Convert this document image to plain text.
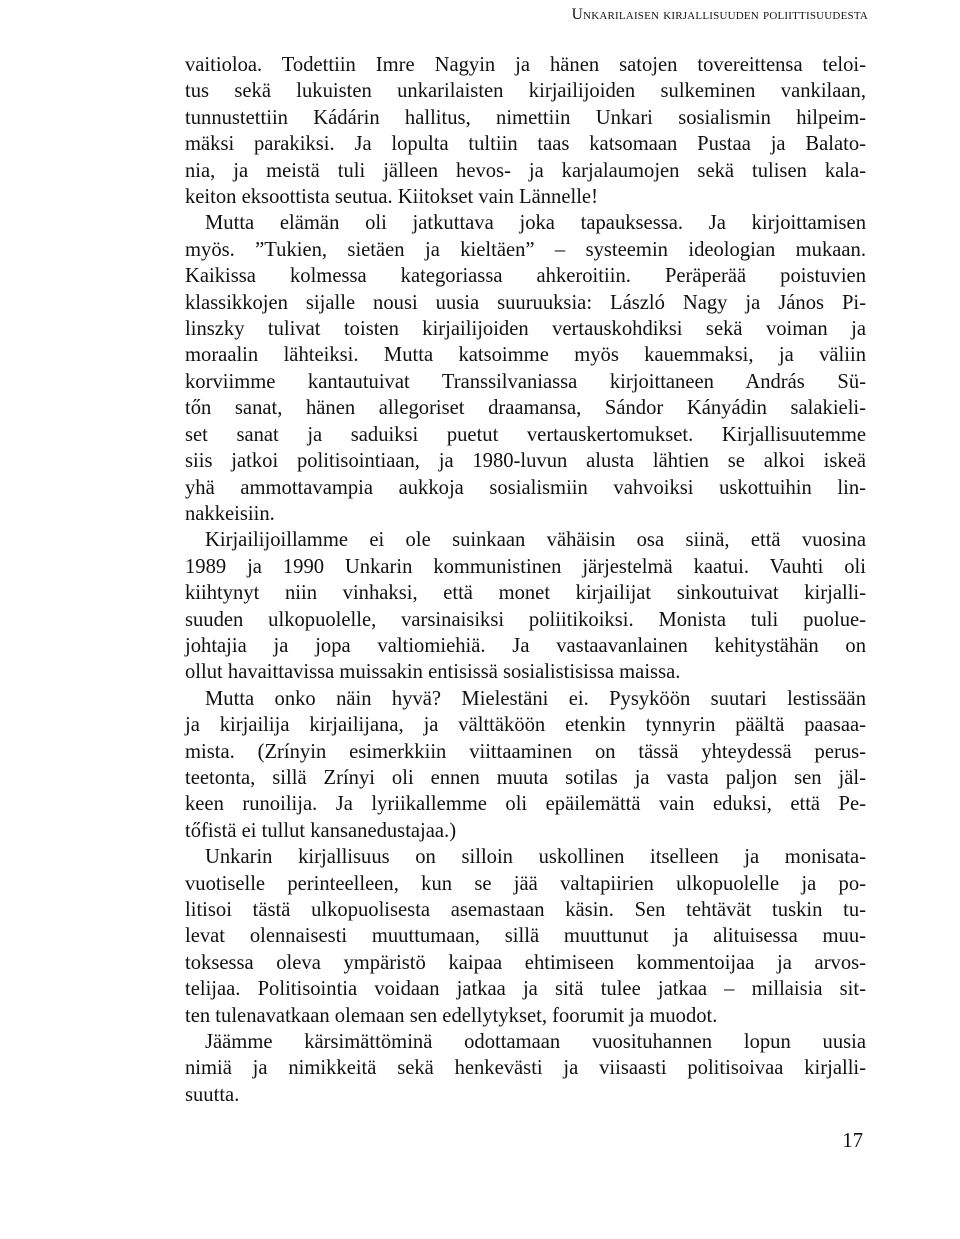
Unkarilaisen kirjallisuuden poliittisuudesta

vaitioloa. Todettiin Imre Nagyin ja hänen satojen tovereittensa teloi-
tus sekä lukuisten unkarilaisten kirjailijoiden sulkeminen vankilaan,
tunnustettiin Kádárin hallitus, nimettiin Unkari sosialismin hilpeim-
mäksi parakiksi. Ja lopulta tultiin taas katsomaan Pustaa ja Balato-
nia, ja meistä tuli jälleen hevos- ja karjalaumojen sekä tulisen kala-
keiton eksoottista seutua. Kiitokset vain Lännelle!

Mutta elämän oli jatkuttava joka tapauksessa. Ja kirjoittamisen
myös. ”Tukien, sietäen ja kieltäen” – systeemin ideologian mukaan.
Kaikissa kolmessa kategoriassa ahkeroitiin. Peräperää poistuvien
klassikkojen sijalle nousi uusia suuruuksia: László Nagy ja János Pi-
linszky tulivat toisten kirjailijoiden vertauskohdiksi sekä voiman ja
moraalin lähteiksi. Mutta katsoimme myös kauemmaksi, ja väliin
korviimme kantautuivat Transsilvaniassa kirjoittaneen András Sü-
tőn sanat, hänen allegoriset draamansa, Sándor Kányádin salakieli-
set sanat ja saduiksi puetut vertauskertomukset. Kirjallisuutemme
siis jatkoi politisointiaan, ja 1980-luvun alusta lähtien se alkoi iskeä
yhä ammottavampia aukkoja sosialismiin vahvoiksi uskottuihin lin-
nakkeisiin.

Kirjailijoillamme ei ole suinkaan vähäisin osa siinä, että vuosina
1989 ja 1990 Unkarin kommunistinen järjestelmä kaatui. Vauhti oli
kiihtynyt niin vinhaksi, että monet kirjailijat sinkoutuivat kirjalli-
suuden ulkopuolelle, varsinaisiksi poliitikoiksi. Monista tuli puolue-
johtajia ja jopa valtiomiehiä. Ja vastaavanlainen kehitystähän on
ollut havaittavissa muissakin entisissä sosialistisissa maissa.

Mutta onko näin hyvä? Mielestäni ei. Pysyköön suutari lestissään
ja kirjailija kirjailijana, ja välttäköön etenkin tynnyrin päältä paasaa-
mista. (Zrínyin esimerkkiin viittaaminen on tässä yhteydessä perus-
teetonta, sillä Zrínyi oli ennen muuta sotilas ja vasta paljon sen jäl-
keen runoilija. Ja lyriikallemme oli epäilemättä vain eduksi, että Pe-
tőfistä ei tullut kansanedustajaa.)

Unkarin kirjallisuus on silloin uskollinen itselleen ja monisata-
vuotiselle perinteelleen, kun se jää valtapiirien ulkopuolelle ja po-
litisoi tästä ulkopuolisesta asemastaan käsin. Sen tehtävät tuskin tu-
levat olennaisesti muuttumaan, sillä muuttunut ja alituisessa muu-
toksessa oleva ympäristö kaipaa ehtimiseen kommentoijaa ja arvos-
telijaa. Politisointia voidaan jatkaa ja sitä tulee jatkaa – millaisia sit-
ten tulenavatkaan olemaan sen edellytykset, foorumit ja muodot.

Jäämme kärsimättöminä odottamaan vuosituhannen lopun uusia
nimiä ja nimikkeitä sekä henkevästi ja viisaasti politisoivaa kirjalli-
suutta.

17
